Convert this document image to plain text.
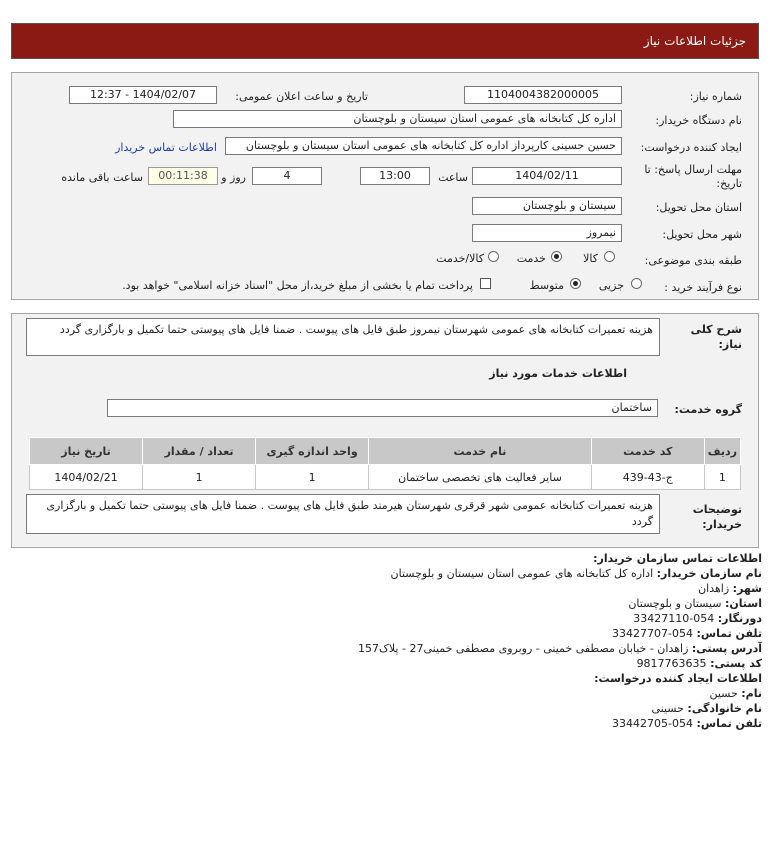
جزئیات اطلاعات نیاز
شماره نیاز:
1104004382000005
تاریخ و ساعت اعلان عمومی:
1404/02/07 - 12:37
نام دستگاه خریدار:
اداره کل کتابخانه های عمومی استان سیستان و بلوچستان
ایجاد کننده درخواست:
حسین حسینی کارپرداز اداره کل کتابخانه های عمومی استان سیستان و بلوچستان
اطلاعات تماس خریدار
مهلت ارسال پاسخ: تا تاریخ:
1404/02/11
ساعت
13:00
4
روز و
00:11:38
ساعت باقی مانده
استان محل تحویل:
سیستان و بلوچستان
شهر محل تحویل:
نیمروز
طبقه بندی موضوعی:
کالا
خدمت
کالا/خدمت
نوع فرآیند خرید :
جزیی
متوسط
پرداخت تمام یا بخشی از مبلغ خرید،از محل "اسناد خزانه اسلامی" خواهد بود.
شرح کلی نیاز:
هزینه تعمیرات کتابخانه های عمومی شهرستان نیمروز طبق فایل های پیوست . ضمنا فایل های پیوستی حتما تکمیل و بارگزاری گردد
اطلاعات خدمات مورد نیاز
گروه خدمت:
ساختمان
ردیف	کد خدمت	نام خدمت	واحد اندازه گیری	تعداد / مقدار	تاریخ نیاز
1	ج-43-439	سایر فعالیت های تخصصی ساختمان	1	1	1404/02/21
توضیحات خریدار:
هزینه تعمیرات کتابخانه عمومی شهر قرقری شهرستان هیرمند طبق فایل های پیوست . ضمنا فایل های پیوستی حتما تکمیل و بارگزاری گردد
اطلاعات تماس سازمان خریدار:
نام سازمان خریدار: اداره کل کتابخانه های عمومی استان سیستان و بلوچستان
شهر: زاهدان
استان: سیستان و بلوچستان
دورنگار: 054-33427110
تلفن تماس: 054-33427707
آدرس پستی: زاهدان - خیابان مصطفی خمینی - روبروی مصطفی خمینی27 - پلاک157
کد پستی: 9817763635
اطلاعات ایجاد کننده درخواست:
نام: حسین
نام خانوادگی: حسینی
تلفن تماس: 054-33442705
